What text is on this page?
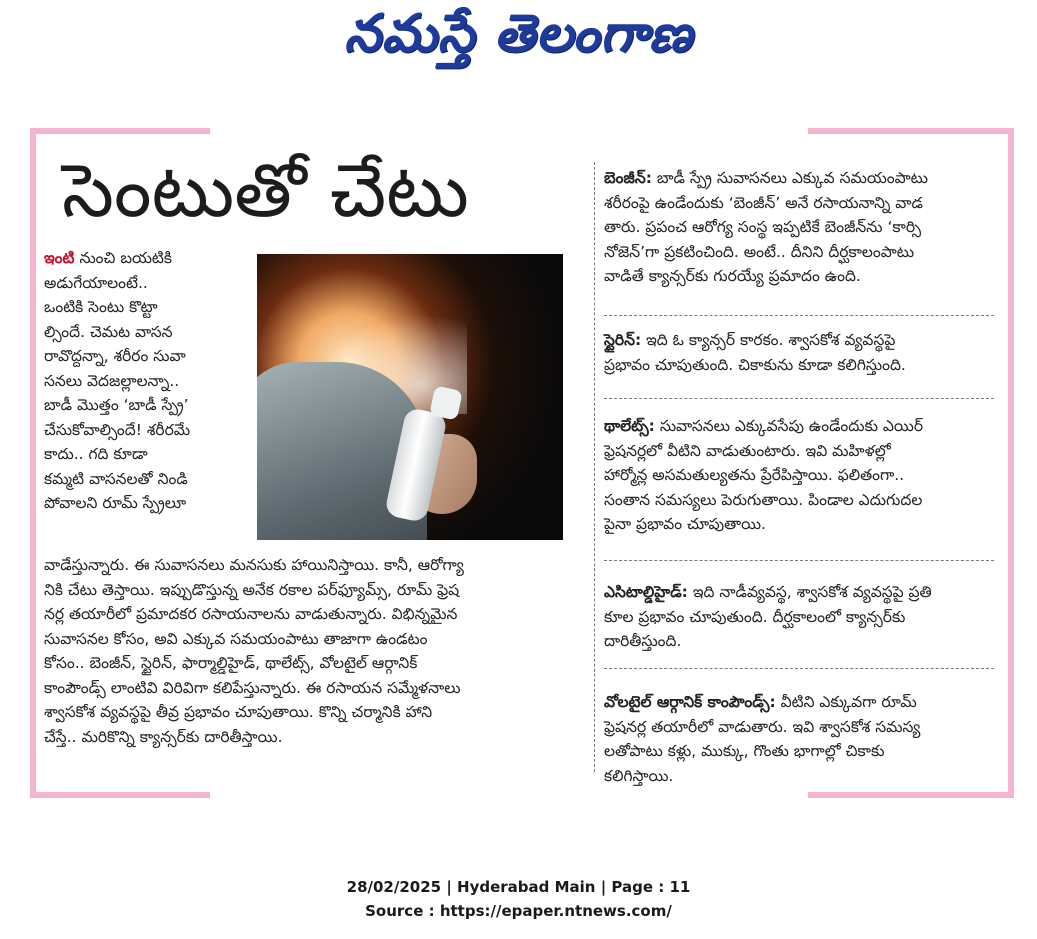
నమస్తే తెలంగాణ
సెంటుతో చేటు
ఇంటి నుంచి బయటికి
అడుగేయాలంటే..
ఒంటికి సెంటు కొట్టా
ల్సిందే. చెమట వాసన
రావొద్దన్నా, శరీరం సువా
సనలు వెదజల్లాలన్నా..
బాడీ మొత్తం ‘బాడీ స్ప్రే’
చేసుకోవాల్సిందే! శరీరమే
కాదు.. గది కూడా
కమ్మటి వాసనలతో నిండి
పోవాలని రూమ్ స్ప్రేలూ
వాడేస్తున్నారు. ఈ సువాసనలు మనసుకు హాయినిస్తాయి. కానీ, ఆరోగ్యా
నికి చేటు తెస్తాయి. ఇప్పుడొస్తున్న అనేక రకాల పర్‌ఫ్యూమ్స్, రూమ్ ఫ్రెష
నర్ల తయారీలో ప్రమాదకర రసాయనాలను వాడుతున్నారు. విభిన్నమైన
సువాసనల కోసం, అవి ఎక్కువ సమయంపాటు తాజాగా ఉండటం
కోసం.. బెంజీన్, స్టైరిన్, ఫార్మాల్డిహైడ్, థాలేట్స్, వోలటైల్ ఆర్గానిక్
కాంపౌండ్స్ లాంటివి విరివిగా కలిపేస్తున్నారు. ఈ రసాయన సమ్మేళనాలు
శ్వాసకోశ వ్యవస్థపై తీవ్ర ప్రభావం చూపుతాయి. కొన్ని చర్మానికి హాని
చేస్తే.. మరికొన్ని క్యాన్సర్‌కు దారితీస్తాయి.
బెంజీన్: బాడీ స్ప్రే సువాసనలు ఎక్కువ సమయంపాటు
శరీరంపై ఉండేందుకు ‘బెంజీన్’ అనే రసాయనాన్ని వాడ
తారు. ప్రపంచ ఆరోగ్య సంస్థ ఇప్పటికే బెంజీన్‌ను ‘కార్సి
నోజెన్’గా ప్రకటించింది. అంటే.. దీనిని దీర్ఘకాలంపాటు
వాడితే క్యాన్సర్‌కు గురయ్యే ప్రమాదం ఉంది.
స్టైరిన్: ఇది ఓ క్యాన్సర్ కారకం. శ్వాసకోశ వ్యవస్థపై
ప్రభావం చూపుతుంది. చికాకును కూడా కలిగిస్తుంది.
థాలేట్స్: సువాసనలు ఎక్కువసేపు ఉండేందుకు ఎయిర్
ఫ్రెషనర్లలో వీటిని వాడుతుంటారు. ఇవి మహిళల్లో
హార్మోన్ల అసమతుల్యతను ప్రేరేపిస్తాయి. ఫలితంగా..
సంతాన సమస్యలు పెరుగుతాయి. పిండాల ఎదుగుదల
పైనా ప్రభావం చూపుతాయి.
ఎసిటాల్డిహైడ్: ఇది నాడీవ్యవస్థ, శ్వాసకోశ వ్యవస్థపై ప్రతి
కూల ప్రభావం చూపుతుంది. దీర్ఘకాలంలో క్యాన్సర్‌కు
దారితీస్తుంది.
వోలటైల్ ఆర్గానిక్ కాంపౌండ్స్: వీటిని ఎక్కువగా రూమ్
ఫ్రెషనర్ల తయారీలో వాడుతారు. ఇవి శ్వాసకోశ సమస్య
లతోపాటు కళ్లు, ముక్కు, గొంతు భాగాల్లో చికాకు
కలిగిస్తాయి.
28/02/2025 | Hyderabad Main | Page : 11
Source : https://epaper.ntnews.com/
